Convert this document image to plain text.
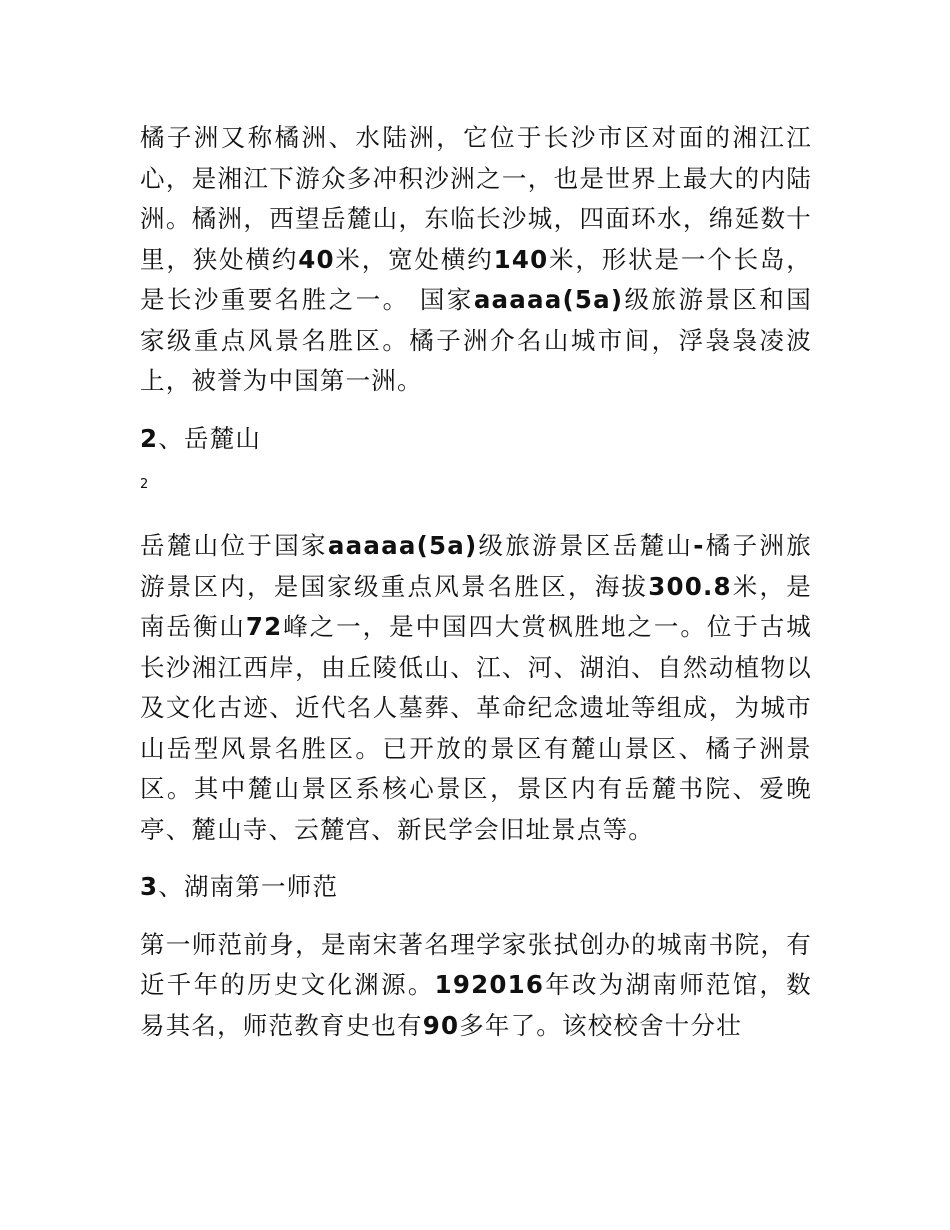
橘子洲又称橘洲、水陆洲，它位于长沙市区对面的湘江江心，是湘江下游众多冲积沙洲之一，也是世界上最大的内陆洲。橘洲，西望岳麓山，东临长沙城，四面环水，绵延数十里，狭处横约40米，宽处横约140米，形状是一个长岛，是长沙重要名胜之一。 国家aaaaa(5a)级旅游景区和国家级重点风景名胜区。橘子洲介名山城市间，浮袅袅凌波上，被誉为中国第一洲。

2、岳麓山

2

岳麓山位于国家aaaaa(5a)级旅游景区岳麓山-橘子洲旅游景区内，是国家级重点风景名胜区，海拔300.8米，是南岳衡山72峰之一，是中国四大赏枫胜地之一。位于古城长沙湘江西岸，由丘陵低山、江、河、湖泊、自然动植物以及文化古迹、近代名人墓葬、革命纪念遗址等组成，为城市山岳型风景名胜区。已开放的景区有麓山景区、橘子洲景区。其中麓山景区系核心景区，景区内有岳麓书院、爱晚亭、麓山寺、云麓宫、新民学会旧址景点等。

3、湖南第一师范

第一师范前身，是南宋著名理学家张拭创办的城南书院，有近千年的历史文化渊源。192016年改为湖南师范馆，数易其名，师范教育史也有90多年了。该校校舍十分壮
